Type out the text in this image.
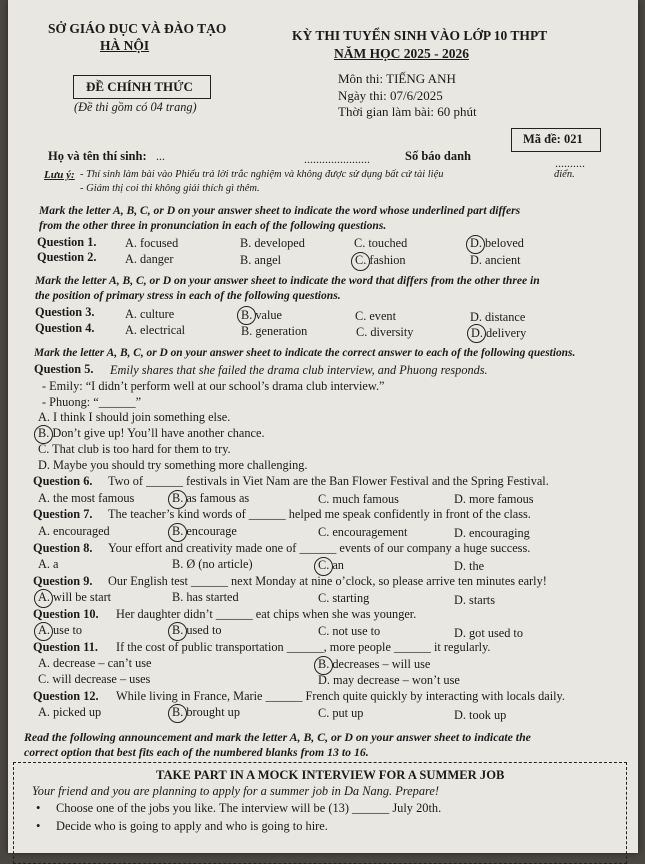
SỞ GIÁO DỤC VÀ ĐÀO TẠO
HÀ NỘI
KỲ THI TUYỂN SINH VÀO LỚP 10 THPT
NĂM HỌC 2025 - 2026
ĐỀ CHÍNH THỨC
(Đề thi gồm có 04 trang)
Môn thi: TIẾNG ANH
Ngày thi: 07/6/2025
Thời gian làm bài: 60 phút
Mã đề: 021
Họ và tên thí sinh: ...	......................	Số báo danh	..........
Lưu ý: - Thí sinh làm bài vào Phiếu trả lời trắc nghiệm và không được sử dụng bất cứ tài liệu	điển.
- Giám thị coi thi không giải thích gì thêm.
Mark the letter A, B, C, or D on your answer sheet to indicate the word whose underlined part differs
from the other three in pronunciation in each of the following questions.
Question 1. A. focused	B. developed	C. touched	D. beloved
Question 2. A. danger	B. angel	C. fashion	D. ancient
Mark the letter A, B, C, or D on your answer sheet to indicate the word that differs from the other three in
the position of primary stress in each of the following questions.
Question 3. A. culture	B. value	C. event	D. distance
Question 4. A. electrical	B. generation	C. diversity	D. delivery
Mark the letter A, B, C, or D on your answer sheet to indicate the correct answer to each of the following questions.
Question 5. Emily shares that she failed the drama club interview, and Phuong responds.
- Emily: “I didn’t perform well at our school’s drama club interview.”
- Phuong: “______”
A. I think I should join something else.
B. Don’t give up! You’ll have another chance.
C. That club is too hard for them to try.
D. Maybe you should try something more challenging.
Question 6. Two of ______ festivals in Viet Nam are the Ban Flower Festival and the Spring Festival.
A. the most famous	B. as famous as	C. much famous	D. more famous
Question 7. The teacher’s kind words of ______ helped me speak confidently in front of the class.
A. encouraged	B. encourage	C. encouragement	D. encouraging
Question 8. Your effort and creativity made one of ______ events of our company a huge success.
A. a	B. Ø (no article)	C. an	D. the
Question 9. Our English test ______ next Monday at nine o’clock, so please arrive ten minutes early!
A. will be start	B. has started	C. starting	D. starts
Question 10. Her daughter didn’t ______ eat chips when she was younger.
A. use to	B. used to	C. not use to	D. got used to
Question 11. If the cost of public transportation ______, more people ______ it regularly.
A. decrease – can’t use	B. decreases – will use
C. will decrease – uses	D. may decrease – won’t use
Question 12. While living in France, Marie ______ French quite quickly by interacting with locals daily.
A. picked up	B. brought up	C. put up	D. took up
Read the following announcement and mark the letter A, B, C, or D on your answer sheet to indicate the
correct option that best fits each of the numbered blanks from 13 to 16.
TAKE PART IN A MOCK INTERVIEW FOR A SUMMER JOB
Your friend and you are planning to apply for a summer job in Da Nang. Prepare!
• Choose one of the jobs you like. The interview will be (13) ______ July 20th.
• Decide who is going to apply and who is going to hire.
